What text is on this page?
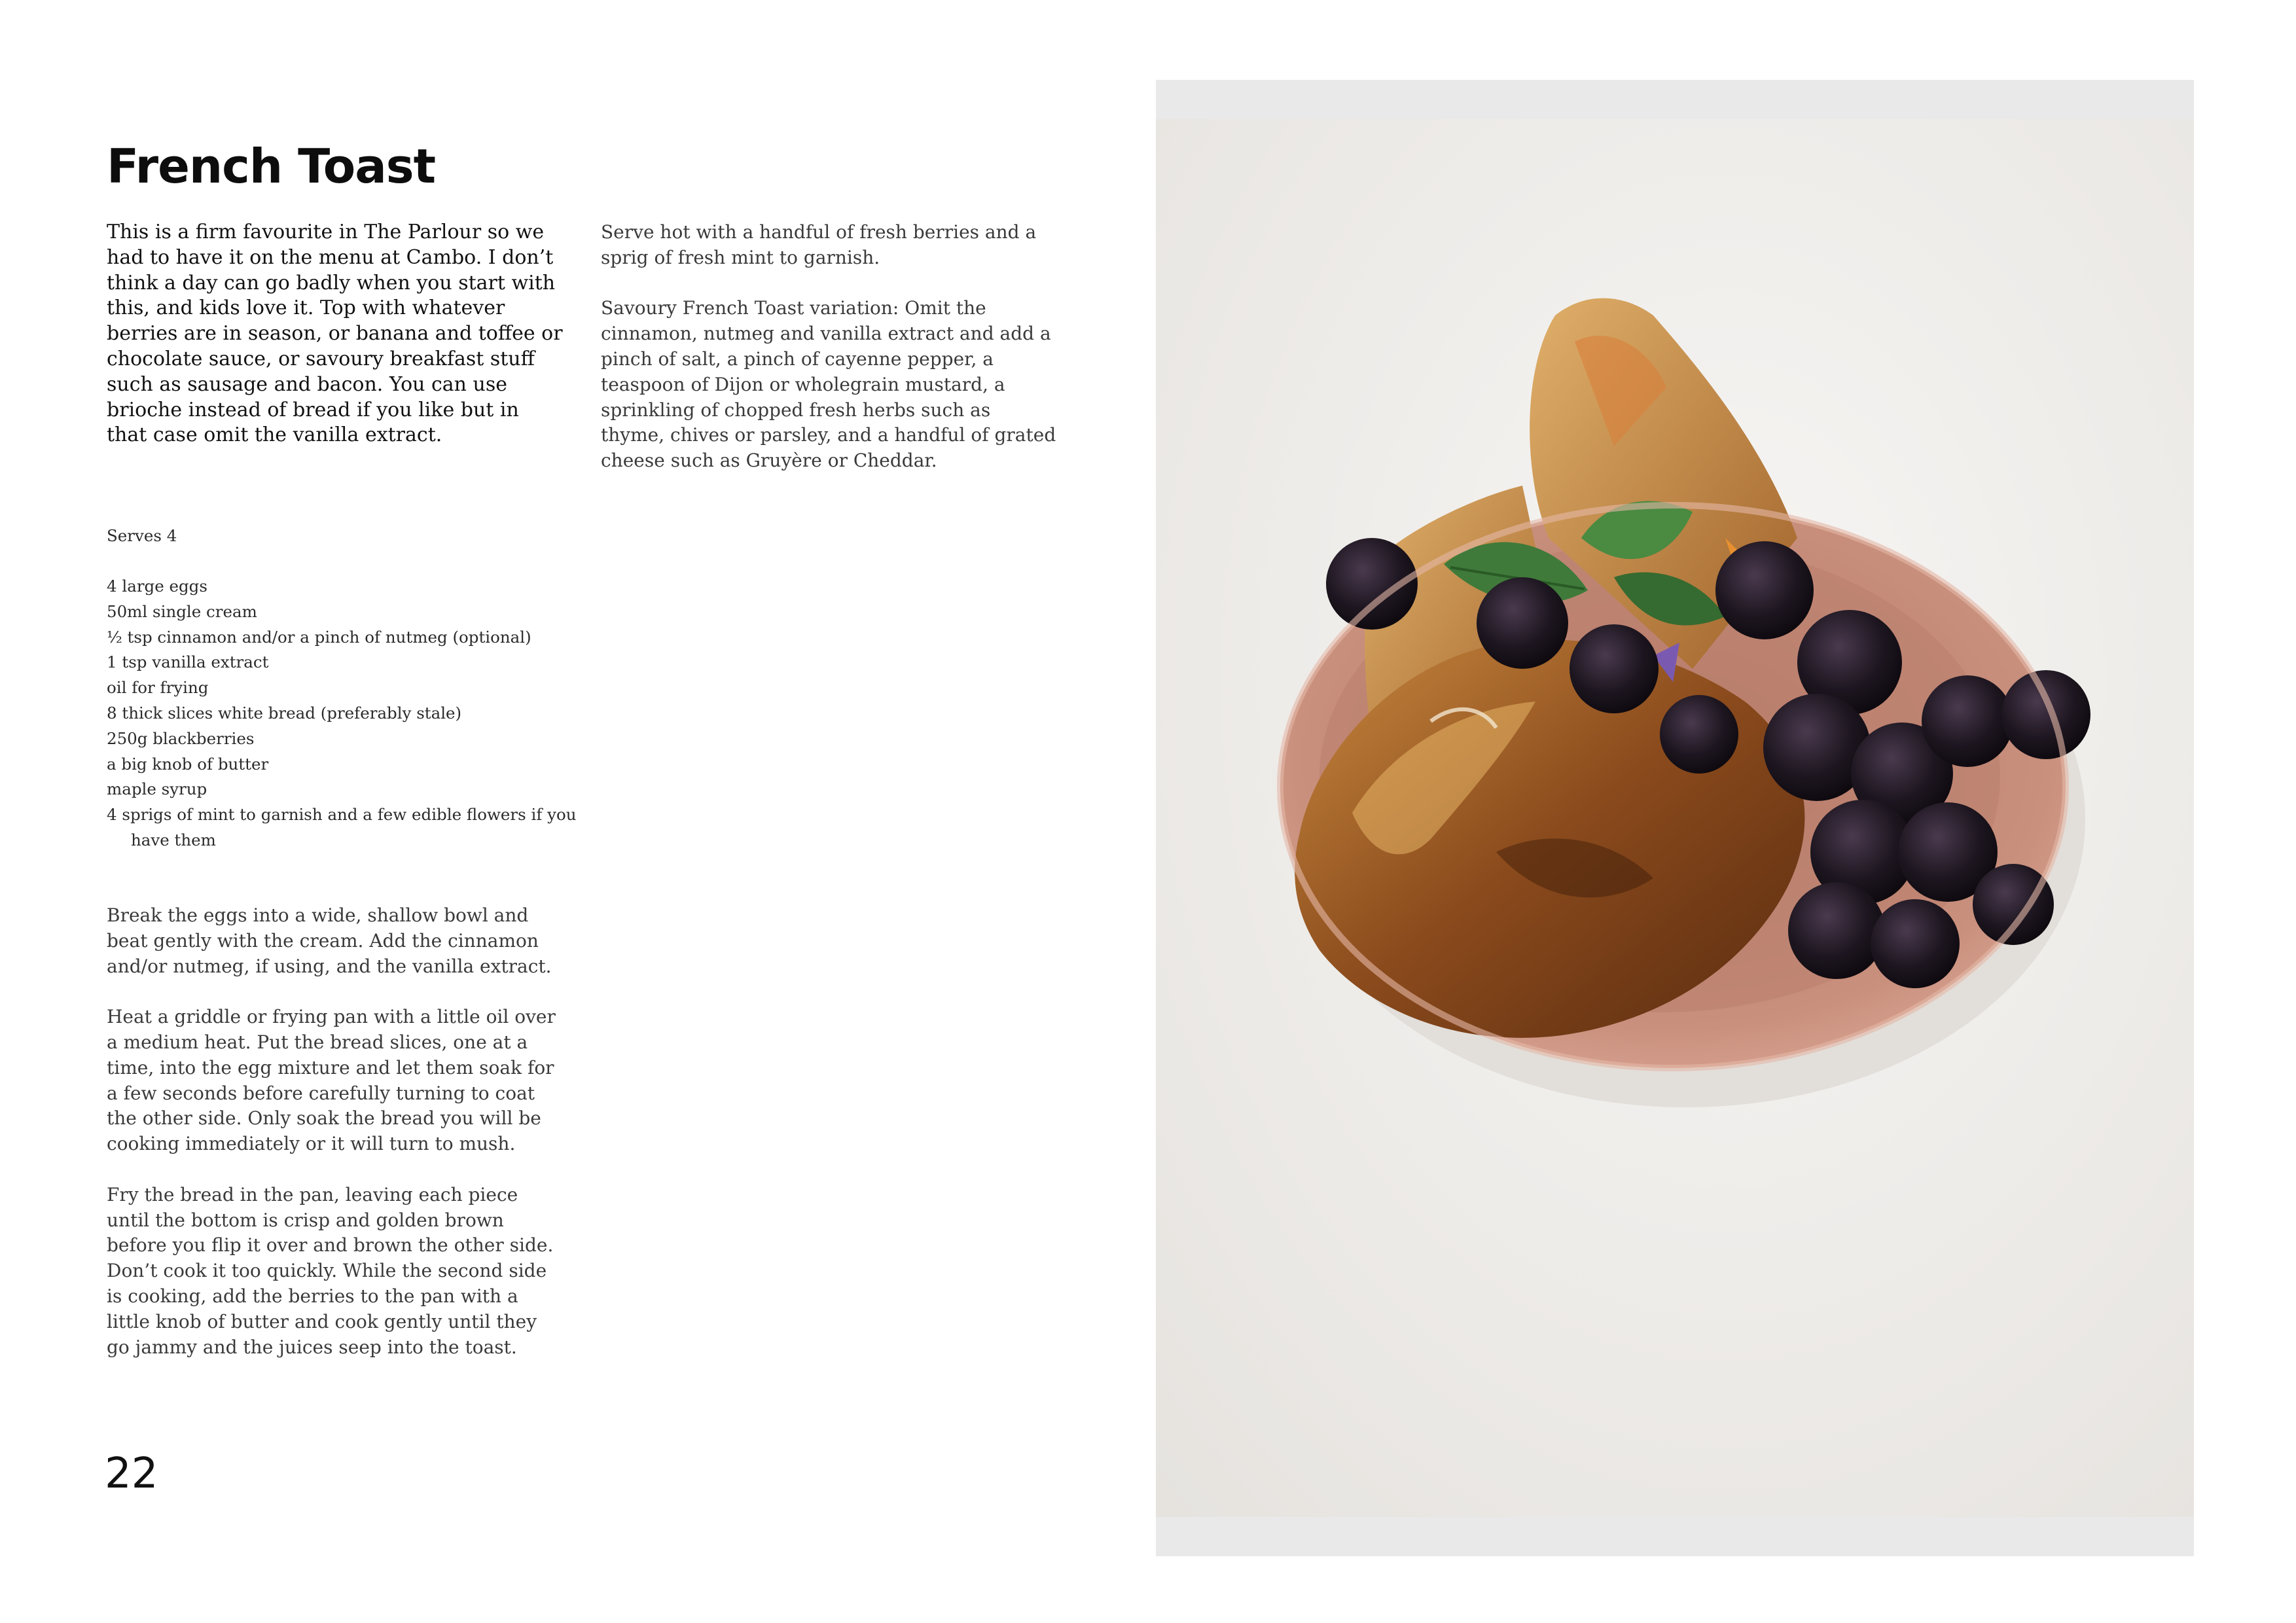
French Toast

This is a firm favourite in The Parlour so we had to have it on the menu at Cambo. I don’t think a day can go badly when you start with this, and kids love it. Top with whatever berries are in season, or banana and toffee or chocolate sauce, or savoury breakfast stuff such as sausage and bacon. You can use brioche instead of bread if you like but in that case omit the vanilla extract.

Serves 4

4 large eggs
50ml single cream
½ tsp cinnamon and/or a pinch of nutmeg (optional)
1 tsp vanilla extract
oil for frying
8 thick slices white bread (preferably stale)
250g blackberries
a big knob of butter
maple syrup
4 sprigs of mint to garnish and a few edible flowers if you have them

Break the eggs into a wide, shallow bowl and beat gently with the cream. Add the cinnamon and/or nutmeg, if using, and the vanilla extract.

Heat a griddle or frying pan with a little oil over a medium heat. Put the bread slices, one at a time, into the egg mixture and let them soak for a few seconds before carefully turning to coat the other side. Only soak the bread you will be cooking immediately or it will turn to mush.

Fry the bread in the pan, leaving each piece until the bottom is crisp and golden brown before you flip it over and brown the other side. Don’t cook it too quickly. While the second side is cooking, add the berries to the pan with a little knob of butter and cook gently until they go jammy and the juices seep into the toast.

Serve hot with a handful of fresh berries and a sprig of fresh mint to garnish.

Savoury French Toast variation: Omit the cinnamon, nutmeg and vanilla extract and add a pinch of salt, a pinch of cayenne pepper, a teaspoon of Dijon or wholegrain mustard, a sprinkling of chopped fresh herbs such as thyme, chives or parsley, and a handful of grated cheese such as Gruyère or Cheddar.

22
